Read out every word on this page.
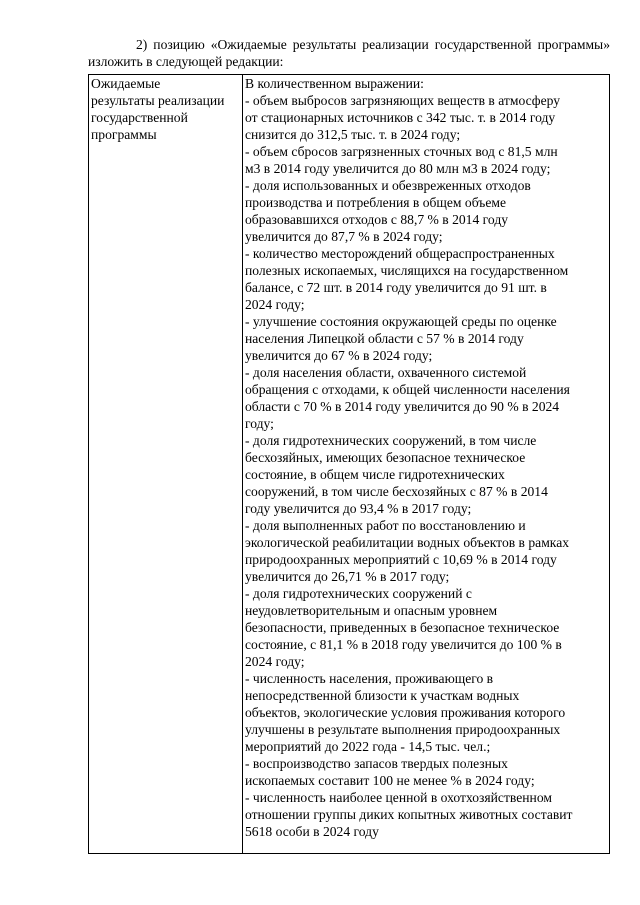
2) позицию «Ожидаемые результаты реализации государственной программы» изложить в следующей редакции:
Ожидаемые
результаты реализации
государственной
программы

В количественном выражении:
- объем выбросов загрязняющих веществ в атмосферу
от стационарных источников с 342 тыс. т. в 2014 году
снизится до 312,5 тыс. т. в 2024 году;
- объем сбросов загрязненных сточных вод с 81,5 млн
м3 в 2014 году увеличится до 80 млн м3 в 2024 году;
- доля использованных и обезвреженных отходов
производства и потребления в общем объеме
образовавшихся отходов с 88,7 % в 2014 году
увеличится до 87,7 % в 2024 году;
- количество месторождений общераспространенных
полезных ископаемых, числящихся на государственном
балансе, с 72 шт. в 2014 году увеличится до 91 шт. в
2024 году;
- улучшение состояния окружающей среды по оценке
населения Липецкой области с 57 % в 2014 году
увеличится до 67 % в 2024 году;
- доля населения области, охваченного системой
обращения с отходами, к общей численности населения
области с 70 % в 2014 году увеличится до 90 % в 2024
году;
- доля гидротехнических сооружений, в том числе
бесхозяйных, имеющих безопасное техническое
состояние, в общем числе гидротехнических
сооружений, в том числе бесхозяйных с 87 % в 2014
году увеличится до 93,4 % в 2017 году;
- доля выполненных работ по восстановлению и
экологической реабилитации водных объектов в рамках
природоохранных мероприятий с 10,69 % в 2014 году
увеличится до 26,71 % в 2017 году;
- доля гидротехнических сооружений с
неудовлетворительным и опасным уровнем
безопасности, приведенных в безопасное техническое
состояние, с 81,1 % в 2018 году увеличится до 100 % в
2024 году;
- численность населения, проживающего в
непосредственной близости к участкам водных
объектов, экологические условия проживания которого
улучшены в результате выполнения природоохранных
мероприятий до 2022 года - 14,5 тыс. чел.;
- воспроизводство запасов твердых полезных
ископаемых составит 100 не менее % в 2024 году;
- численность наиболее ценной в охотхозяйственном
отношении группы диких копытных животных составит
5618 особи в 2024 году
